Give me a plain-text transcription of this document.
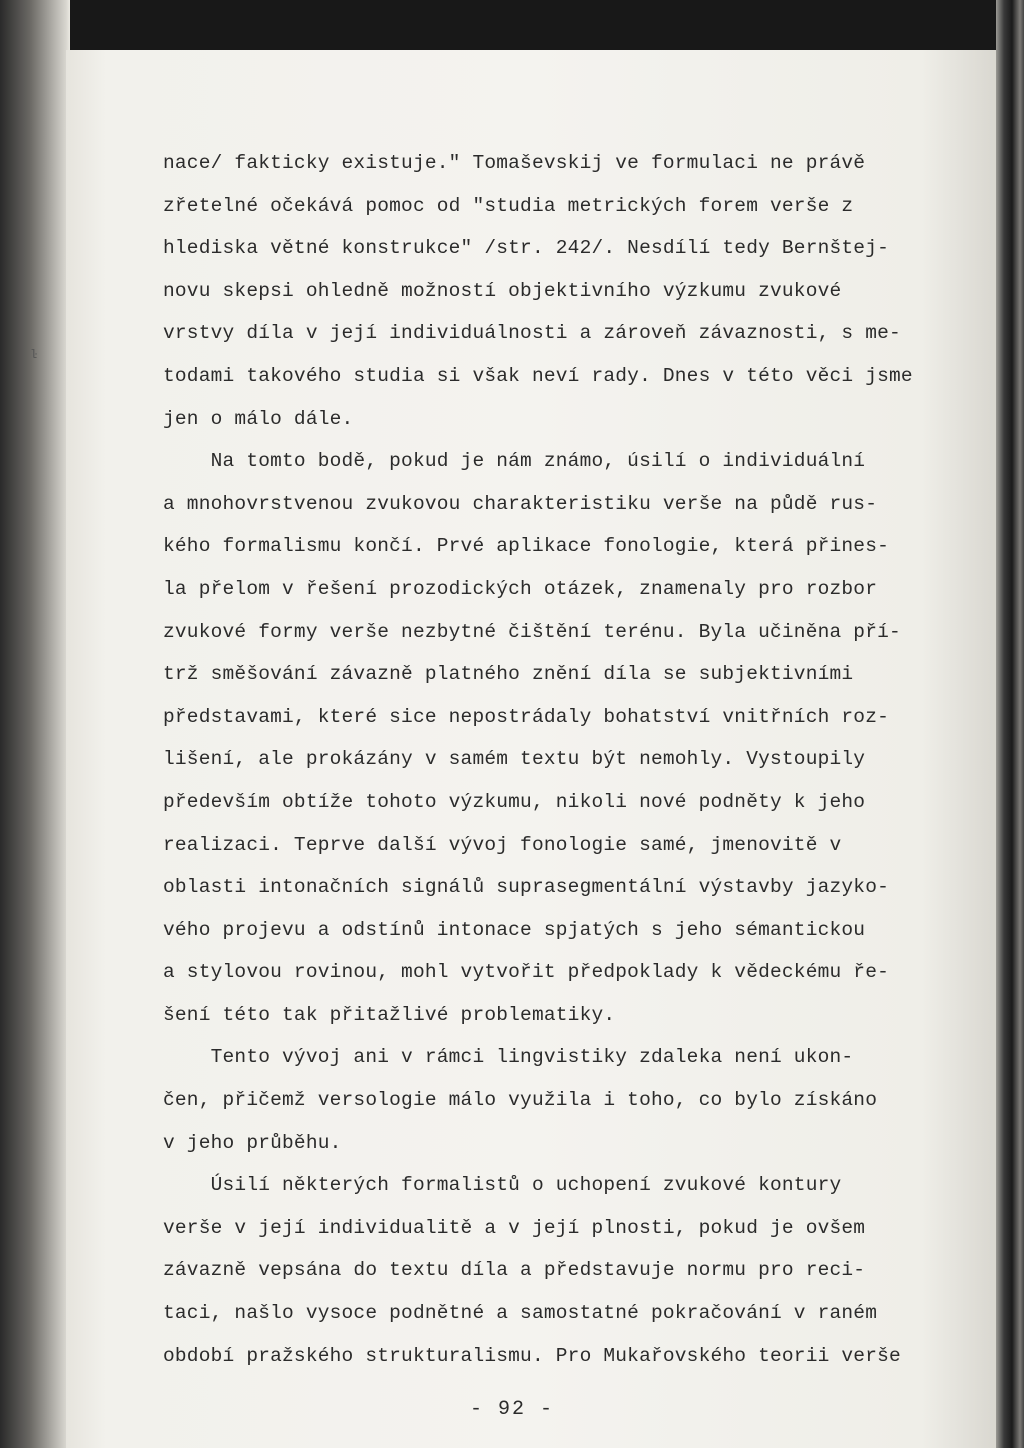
ŀ
nace/ fakticky existuje." Tomaševskij ve formulaci ne právě
zřetelné očekává pomoc od "studia metrických forem verše z
hlediska větné konstrukce" /str. 242/. Nesdílí tedy Bernštej-
novu skepsi ohledně možností objektivního výzkumu zvukové
vrstvy díla v její individuálnosti a zároveň závaznosti, s me-
todami takového studia si však neví rady. Dnes v této věci jsme
jen o málo dále.
Na tomto bodě, pokud je nám známo, úsilí o individuální
a mnohovrstvenou zvukovou charakteristiku verše na půdě rus-
kého formalismu končí. Prvé aplikace fonologie, která přines-
la přelom v řešení prozodických otázek, znamenaly pro rozbor
zvukové formy verše nezbytné čištění terénu. Byla učiněna pří-
trž směšování závazně platného znění díla se subjektivními
představami, které sice nepostrádaly bohatství vnitřních roz-
lišení, ale prokázány v samém textu být nemohly. Vystoupily
především obtíže tohoto výzkumu, nikoli nové podněty k jeho
realizaci. Teprve další vývoj fonologie samé, jmenovitě v
oblasti intonačních signálů suprasegmentální výstavby jazyko-
vého projevu a odstínů intonace spjatých s jeho sémantickou
a stylovou rovinou, mohl vytvořit předpoklady k vědeckému ře-
šení této tak přitažlivé problematiky.
Tento vývoj ani v rámci lingvistiky zdaleka není ukon-
čen, přičemž versologie málo využila i toho, co bylo získáno
v jeho průběhu.
Úsilí některých formalistů o uchopení zvukové kontury
verše v její individualitě a v její plnosti, pokud je ovšem
závazně vepsána do textu díla a představuje normu pro reci-
taci, našlo vysoce podnětné a samostatné pokračování v raném
období pražského strukturalismu. Pro Mukařovského teorii verše
- 92 -
